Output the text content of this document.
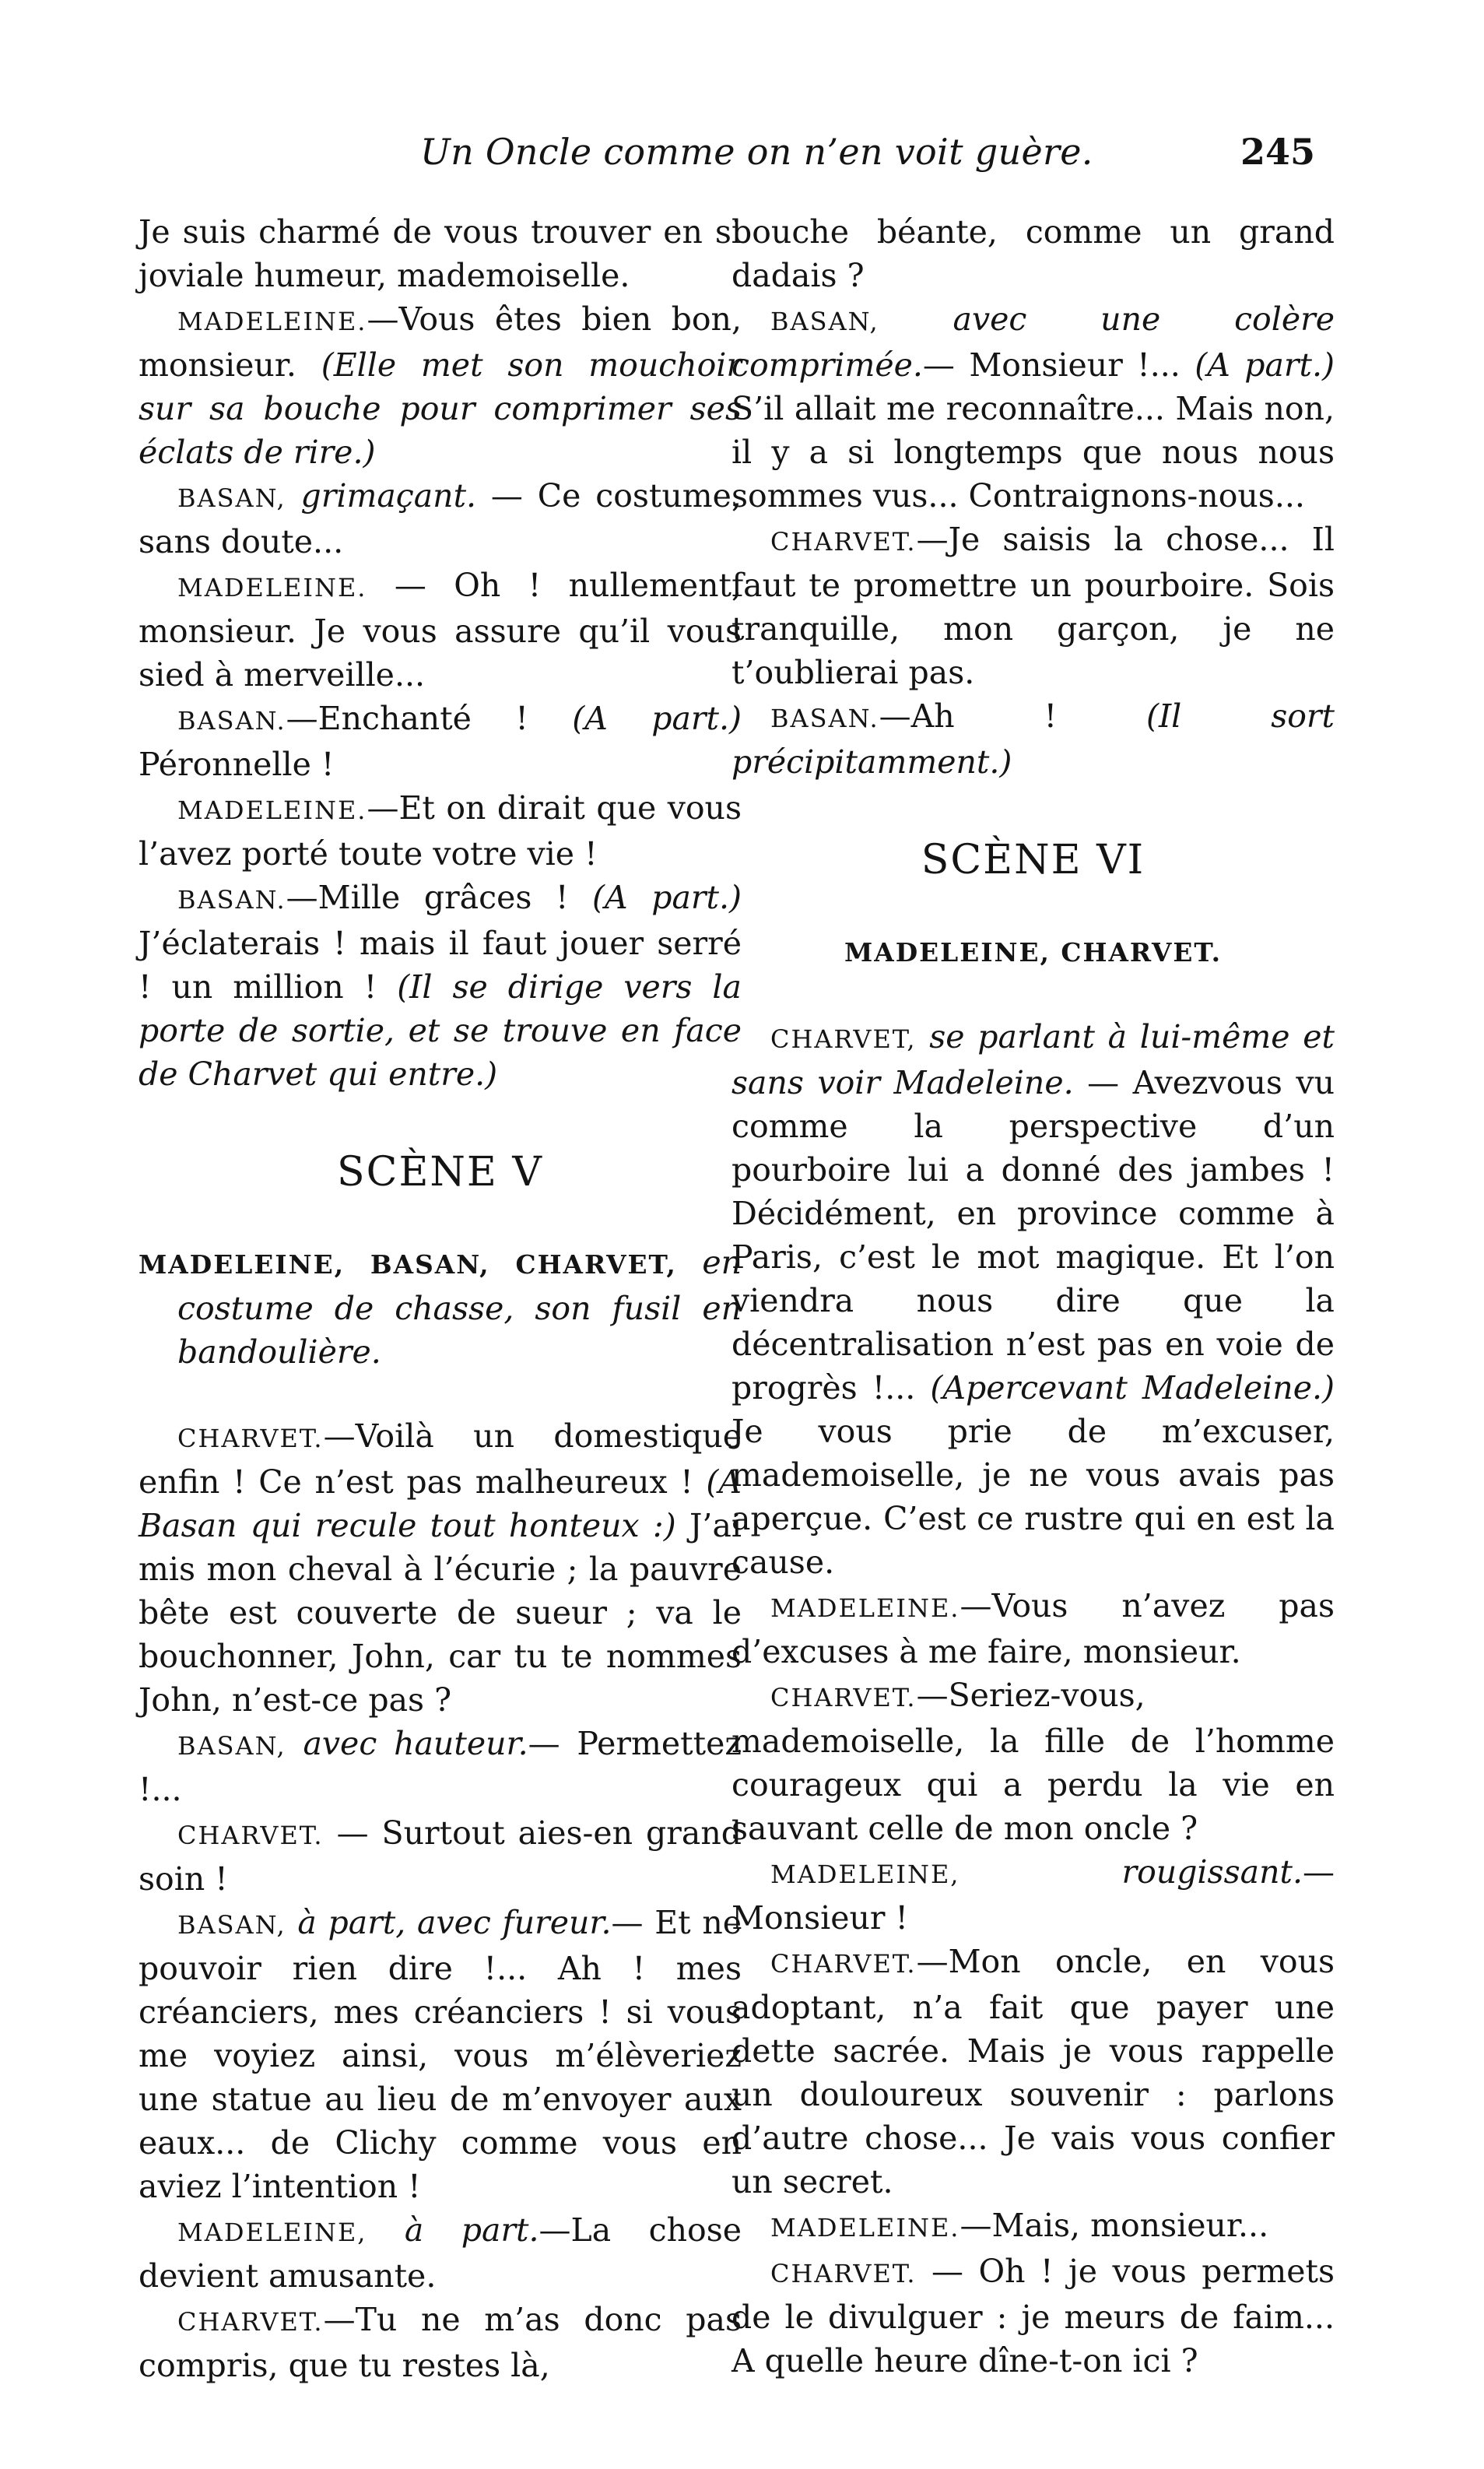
Un Oncle comme on n’en voit guère.	245

Je suis charmé de vous trouver en si joviale humeur, mademoiselle.

MADELEINE.—Vous êtes bien bon, monsieur. (Elle met son mouchoir sur sa bouche pour comprimer ses éclats de rire.)

BASAN, grimaçant. — Ce costume, sans doute...

MADELEINE. — Oh ! nullement, monsieur. Je vous assure qu’il vous sied à merveille...

BASAN.—Enchanté ! (A part.) Péronnelle !

MADELEINE.—Et on dirait que vous l’avez porté toute votre vie !

BASAN.—Mille grâces ! (A part.) J’éclaterais ! mais il faut jouer serré ! un million ! (Il se dirige vers la porte de sortie, et se trouve en face de Charvet qui entre.)

SCÈNE V
MADELEINE, BASAN, CHARVET, en costume de chasse, son fusil en bandoulière.

CHARVET.—Voilà un domestique enfin ! Ce n’est pas malheureux ! (A Basan qui recule tout honteux :) J’ai mis mon cheval à l’écurie ; la pauvre bête est couverte de sueur ; va le bouchonner, John, car tu te nommes John, n’est-ce pas ?

BASAN, avec hauteur.— Permettez !...

CHARVET. — Surtout aies-en grand soin !

BASAN, à part, avec fureur.— Et ne pouvoir rien dire !... Ah ! mes créanciers, mes créanciers ! si vous me voyiez ainsi, vous m’élèveriez une statue au lieu de m’envoyer aux eaux... de Clichy comme vous en aviez l’intention !

MADELEINE, à part.—La chose devient amusante.

CHARVET.—Tu ne m’as donc pas compris, que tu restes là,

bouche béante, comme un grand dadais ?

BASAN, avec une colère comprimée.— Monsieur !... (A part.) S’il allait me reconnaître... Mais non, il y a si longtemps que nous nous sommes vus... Contraignons-nous...

CHARVET.—Je saisis la chose... Il faut te promettre un pourboire. Sois tranquille, mon garçon, je ne t’oublierai pas.

BASAN.—Ah ! (Il sort précipitamment.)

SCÈNE VI
MADELEINE, CHARVET.

CHARVET, se parlant à lui-même et sans voir Madeleine. — Avezvous vu comme la perspective d’un pourboire lui a donné des jambes ! Décidément, en province comme à Paris, c’est le mot magique. Et l’on viendra nous dire que la décentralisation n’est pas en voie de progrès !... (Apercevant Madeleine.) Je vous prie de m’excuser, mademoiselle, je ne vous avais pas aperçue. C’est ce rustre qui en est la cause.

MADELEINE.—Vous n’avez pas d’excuses à me faire, monsieur.

CHARVET.—Seriez-vous, mademoiselle, la fille de l’homme courageux qui a perdu la vie en sauvant celle de mon oncle ?

MADELEINE, rougissant.—Monsieur !

CHARVET.—Mon oncle, en vous adoptant, n’a fait que payer une dette sacrée. Mais je vous rappelle un douloureux souvenir : parlons d’autre chose... Je vais vous confier un secret.

MADELEINE.—Mais, monsieur...

CHARVET. — Oh ! je vous permets de le divulguer : je meurs de faim... A quelle heure dîne-t-on ici ?
